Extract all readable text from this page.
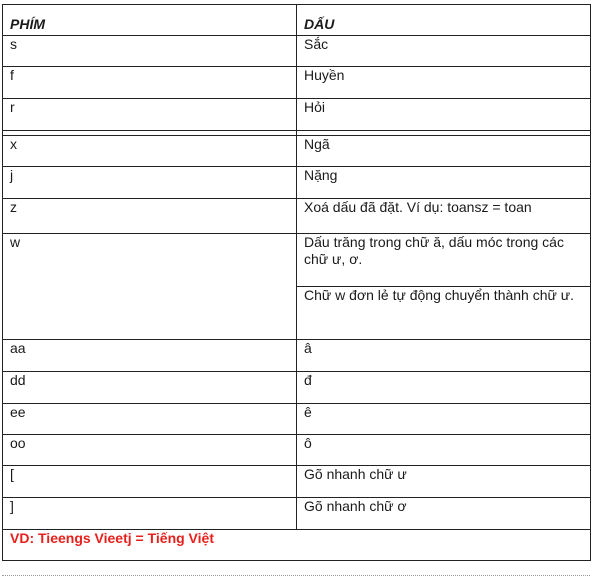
PHÍM	DẤU
s	Sắc
f	Huyền
r	Hỏi

x	Ngã
j	Nặng
z	Xoá dấu đã đặt. Ví dụ: toansz = toan
w	Dấu trăng trong chữ ă, dấu móc trong các chữ ư, ơ.
	Chữ w đơn lẻ tự động chuyển thành chữ ư.
aa	â
dd	đ
ee	ê
oo	ô
[	Gõ nhanh chữ ư
]	Gõ nhanh chữ ơ
VD: Tieengs Vieetj = Tiếng Việt	
